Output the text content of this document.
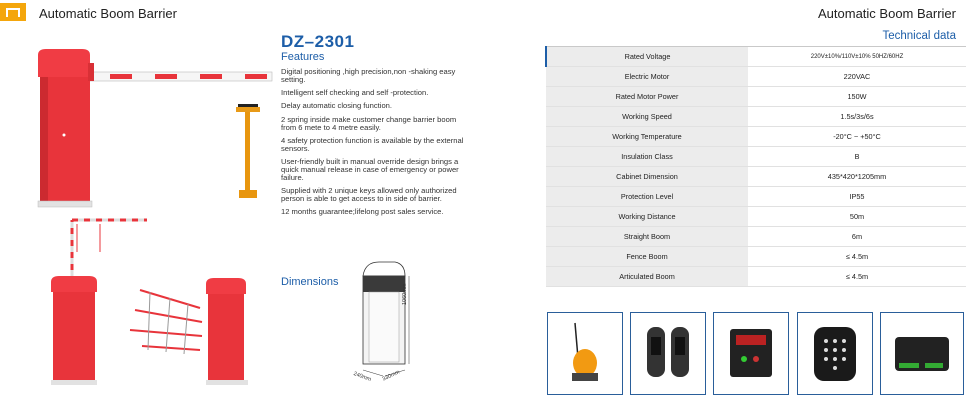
Automatic Boom Barrier	Automatic Boom Barrier
Technical data
DZ–2301
Features
Digital positioning ,high precision,non -shaking easy setting.
Intelligent self checking and self -protection.
Delay automatic closing function.
2 spring inside make customer change barrier boom from 6 mete to 4 metre easily.
4 safety protection function is available by the external sensors.
User-friendly built in manual override design brings a quick manual release in case of emergency or power failure.
Supplied with 2 unique keys allowed only authorized person is able to get access to in side of barrier.
12 months guarantee;lifelong post sales service.
Dimensions
1060mm
240mm 330mm
Rated Voltage	220V±10%/110V±10% 50HZ/60HZ
Electric Motor	220VAC
Rated Motor Power	150W
Working Speed	1.5s/3s/6s
Working Temperature	-20°C ~ +50°C
Insulation Class	B
Cabinet Dimension	435*420*1205mm
Protection Level	IP55
Working Distance	50m
Straight Boom	6m
Fence Boom	≤ 4.5m
Articulated Boom	≤ 4.5m
